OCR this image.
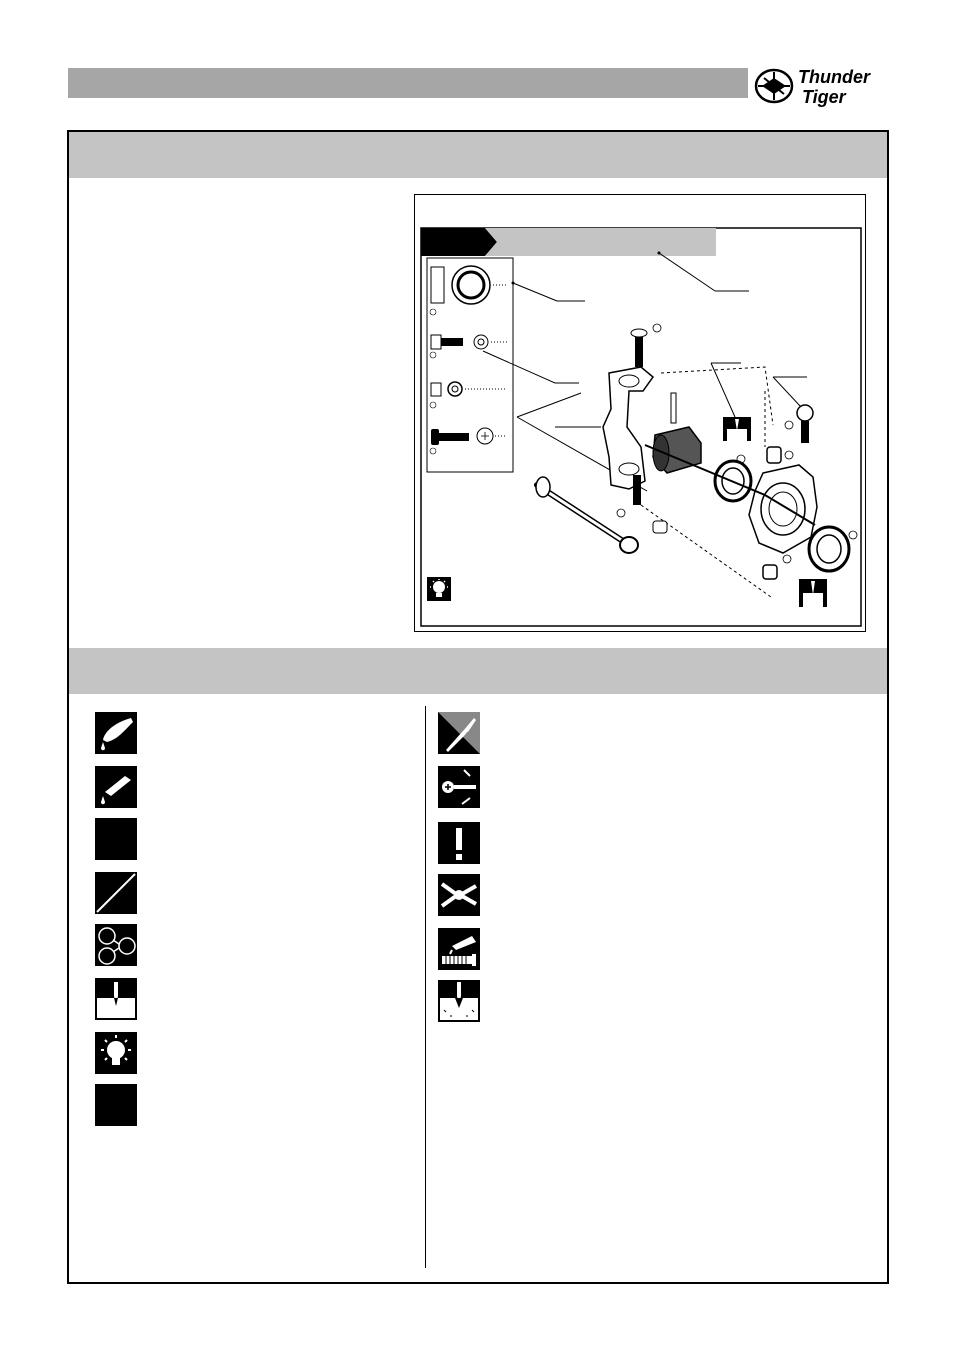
Thunder
Tiger
